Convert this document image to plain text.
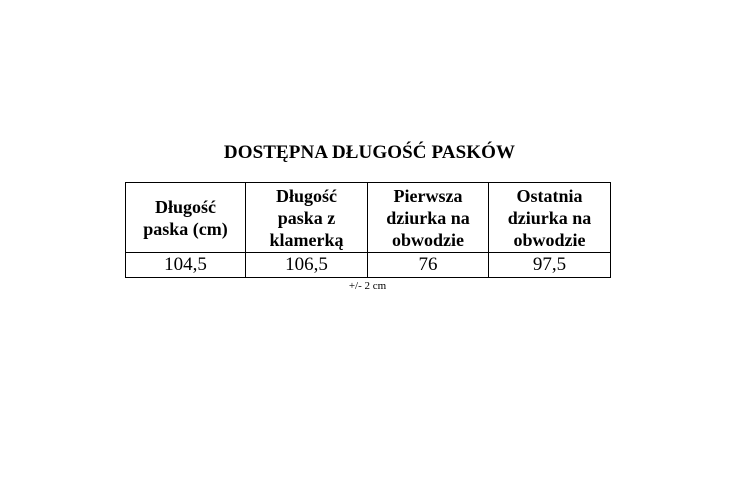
DOSTĘPNA DŁUGOŚĆ PASKÓW
Długość paska (cm)	Długość paska z klamerką	Pierwsza dziurka na obwodzie	Ostatnia dziurka na obwodzie
104,5	106,5	76	97,5
+/- 2 cm
